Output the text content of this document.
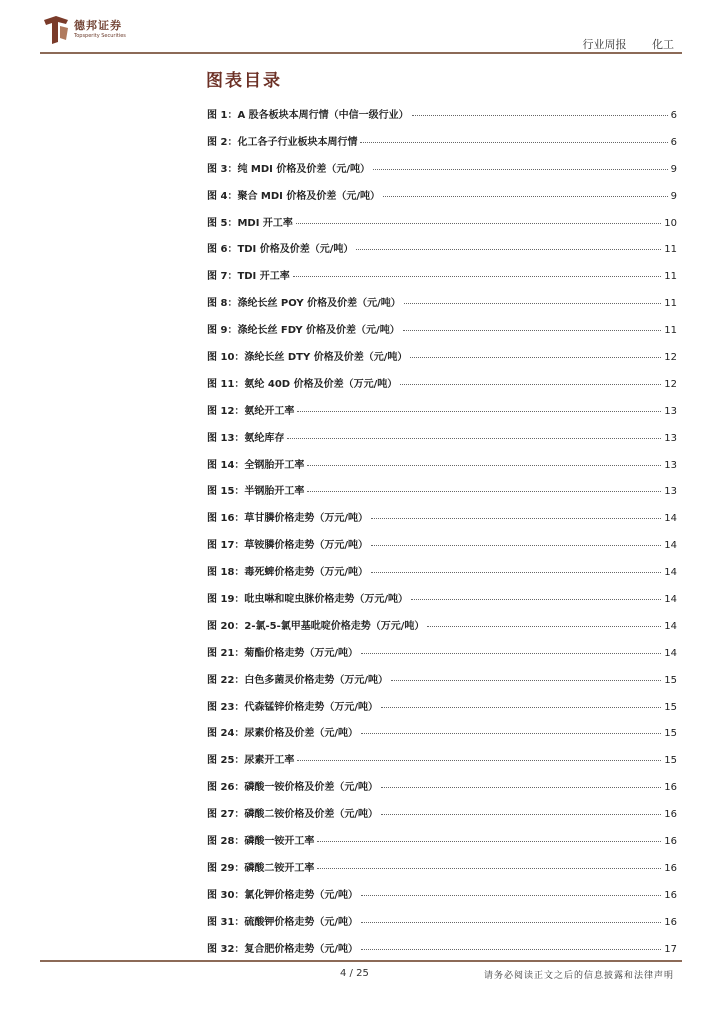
德邦证券
Topsperity Securities
行业周报 化工
图表目录
图 1：A 股各板块本周行情（中信一级行业）	6
图 2：化工各子行业板块本周行情	6
图 3：纯 MDI 价格及价差（元/吨）	9
图 4：聚合 MDI 价格及价差（元/吨）	9
图 5：MDI 开工率	10
图 6：TDI 价格及价差（元/吨）	11
图 7：TDI 开工率	11
图 8：涤纶长丝 POY 价格及价差（元/吨）	11
图 9：涤纶长丝 FDY 价格及价差（元/吨）	11
图 10：涤纶长丝 DTY 价格及价差（元/吨）	12
图 11：氨纶 40D 价格及价差（万元/吨）	12
图 12：氨纶开工率	13
图 13：氨纶库存	13
图 14：全钢胎开工率	13
图 15：半钢胎开工率	13
图 16：草甘膦价格走势（万元/吨）	14
图 17：草铵膦价格走势（万元/吨）	14
图 18：毒死蜱价格走势（万元/吨）	14
图 19：吡虫啉和啶虫脒价格走势（万元/吨）	14
图 20：2-氯-5-氯甲基吡啶价格走势（万元/吨）	14
图 21：菊酯价格走势（万元/吨）	14
图 22：白色多菌灵价格走势（万元/吨）	15
图 23：代森锰锌价格走势（万元/吨）	15
图 24：尿素价格及价差（元/吨）	15
图 25：尿素开工率	15
图 26：磷酸一铵价格及价差（元/吨）	16
图 27：磷酸二铵价格及价差（元/吨）	16
图 28：磷酸一铵开工率	16
图 29：磷酸二铵开工率	16
图 30：氯化钾价格走势（元/吨）	16
图 31：硫酸钾价格走势（元/吨）	16
图 32：复合肥价格走势（元/吨）	17
4 / 25	请务必阅读正文之后的信息披露和法律声明
